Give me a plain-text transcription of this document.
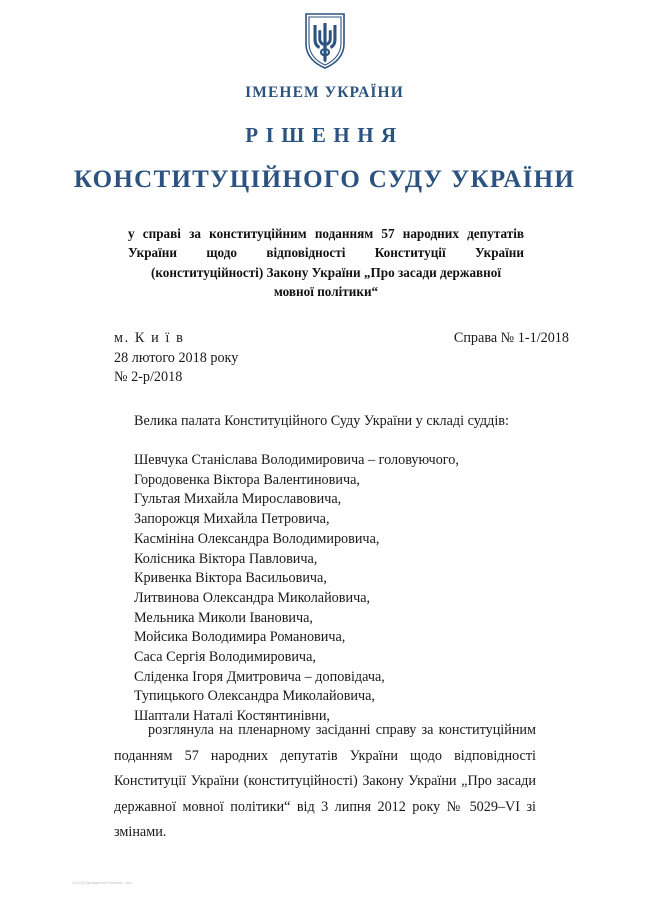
ІМЕНЕМ УКРАЇНИ
РІШЕННЯ
КОНСТИТУЦІЙНОГО СУДУ УКРАЇНИ
у справі за конституційним поданням 57 народних депутатів України щодо відповідності Конституції України (конституційності) Закону України „Про засади державної
мовної політики“
м. К и ї в
28 лютого 2018 року
№ 2-р/2018
Справа № 1-1/2018
Велика палата Конституційного Суду України у складі суддів:
Шевчука Станіслава Володимировича – головуючого,
Городовенка Віктора Валентиновича,
Гультая Михайла Мирославовича,
Запорожця Михайла Петровича,
Касмініна Олександра Володимировича,
Колісника Віктора Павловича,
Кривенка Віктора Васильовича,
Литвинова Олександра Миколайовича,
Мельника Миколи Івановича,
Мойсика Володимира Романовича,
Саса Сергія Володимировича,
Сліденка Ігоря Дмитровича – доповідача,
Тупицького Олександра Миколайовича,
Шаптали Наталі Костянтинівни,
розглянула на пленарному засіданні справу за конституційним поданням 57 народних депутатів України щодо відповідності Конституції України (конституційності) Закону України „Про засади державної мовної політики“ від 3 липня 2012 року № 5029–VI зі змінами.
Q:\DOC\Документи\Рішення\...doc
